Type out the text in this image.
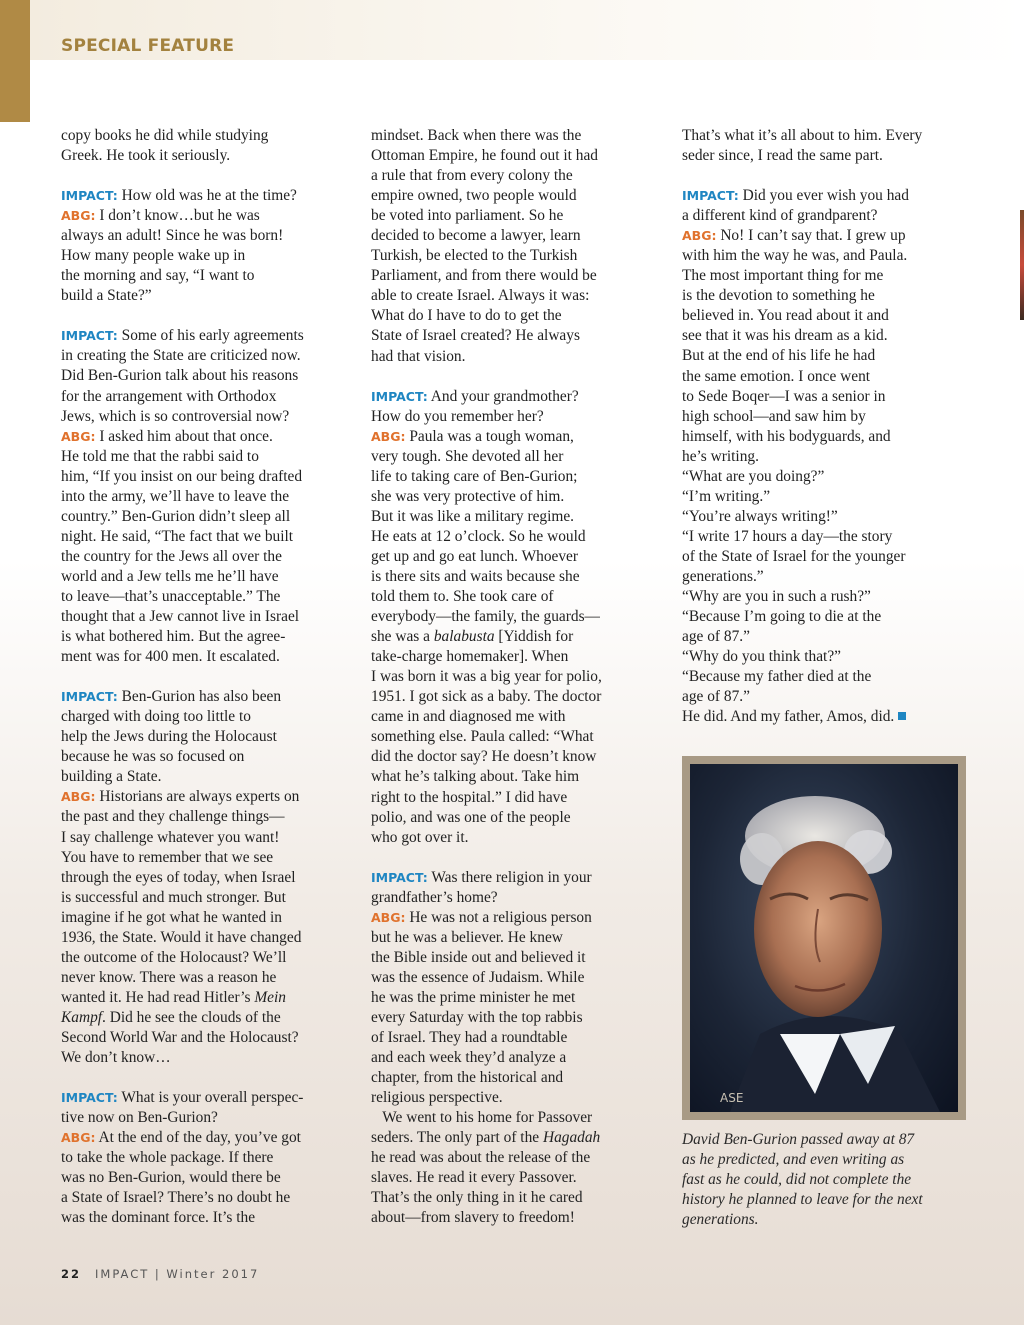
SPECIAL FEATURE

copy books he did while studying

Greek. He took it seriously.

IMPACT: How old was he at the time?

ABG: I don’t know…but he was

always an adult! Since he was born!

How many people wake up in

the morning and say, “I want to

build a State?”

IMPACT: Some of his early agreements

in creating the State are criticized now.

Did Ben-Gurion talk about his reasons

for the arrangement with Orthodox

Jews, which is so controversial now?

ABG: I asked him about that once.

He told me that the rabbi said to

him, “If you insist on our being drafted

into the army, we’ll have to leave the

country.” Ben-Gurion didn’t sleep all

night. He said, “The fact that we built

the country for the Jews all over the

world and a Jew tells me he’ll have

to leave—that’s unacceptable.” The

thought that a Jew cannot live in Israel

is what bothered him. But the agree-

ment was for 400 men. It escalated.

IMPACT: Ben-Gurion has also been

charged with doing too little to

help the Jews during the Holocaust

because he was so focused on

building a State.

ABG: Historians are always experts on

the past and they challenge things—

I say challenge whatever you want!

You have to remember that we see

through the eyes of today, when Israel

is successful and much stronger. But

imagine if he got what he wanted in

1936, the State. Would it have changed

the outcome of the Holocaust? We’ll

never know. There was a reason he

wanted it. He had read Hitler’s Mein

Kampf. Did he see the clouds of the

Second World War and the Holocaust?

We don’t know…

IMPACT: What is your overall perspec-

tive now on Ben-Gurion?

ABG: At the end of the day, you’ve got

to take the whole package. If there

was no Ben-Gurion, would there be

a State of Israel? There’s no doubt he

was the dominant force. It’s the

mindset. Back when there was the

Ottoman Empire, he found out it had

a rule that from every colony the

empire owned, two people would

be voted into parliament. So he

decided to become a lawyer, learn

Turkish, be elected to the Turkish

Parliament, and from there would be

able to create Israel. Always it was:

What do I have to do to get the

State of Israel created? He always

had that vision.

IMPACT: And your grandmother?

How do you remember her?

ABG: Paula was a tough woman,

very tough. She devoted all her

life to taking care of Ben-Gurion;

she was very protective of him.

But it was like a military regime.

He eats at 12 o’clock. So he would

get up and go eat lunch. Whoever

is there sits and waits because she

told them to. She took care of

everybody—the family, the guards—

she was a balabusta [Yiddish for

take-charge homemaker]. When

I was born it was a big year for polio,

1951. I got sick as a baby. The doctor

came in and diagnosed me with

something else. Paula called: “What

did the doctor say? He doesn’t know

what he’s talking about. Take him

right to the hospital.” I did have

polio, and was one of the people

who got over it.

IMPACT: Was there religion in your

grandfather’s home?

ABG: He was not a religious person

but he was a believer. He knew

the Bible inside out and believed it

was the essence of Judaism. While

he was the prime minister he met

every Saturday with the top rabbis

of Israel. They had a roundtable

and each week they’d analyze a

chapter, from the historical and

religious perspective.

We went to his home for Passover

seders. The only part of the Hagadah

he read was about the release of the

slaves. He read it every Passover.

That’s the only thing in it he cared

about—from slavery to freedom!

That’s what it’s all about to him. Every

seder since, I read the same part.

IMPACT: Did you ever wish you had

a different kind of grandparent?

ABG: No! I can’t say that. I grew up

with him the way he was, and Paula.

The most important thing for me

is the devotion to something he

believed in. You read about it and

see that it was his dream as a kid.

But at the end of his life he had

the same emotion. I once went

to Sede Boqer—I was a senior in

high school—and saw him by

himself, with his bodyguards, and

he’s writing.

“What are you doing?”

“I’m writing.”

“You’re always writing!”

“I write 17 hours a day—the story

of the State of Israel for the younger

generations.”

“Why are you in such a rush?”

“Because I’m going to die at the

age of 87.”

“Why do you think that?”

“Because my father died at the

age of 87.”

He did. And my father, Amos, did.

ASE
David Ben-Gurion passed away at 87
as he predicted, and even writing as
fast as he could, did not complete the
history he planned to leave for the next
generations.
22 IMPACT | Winter 2017
